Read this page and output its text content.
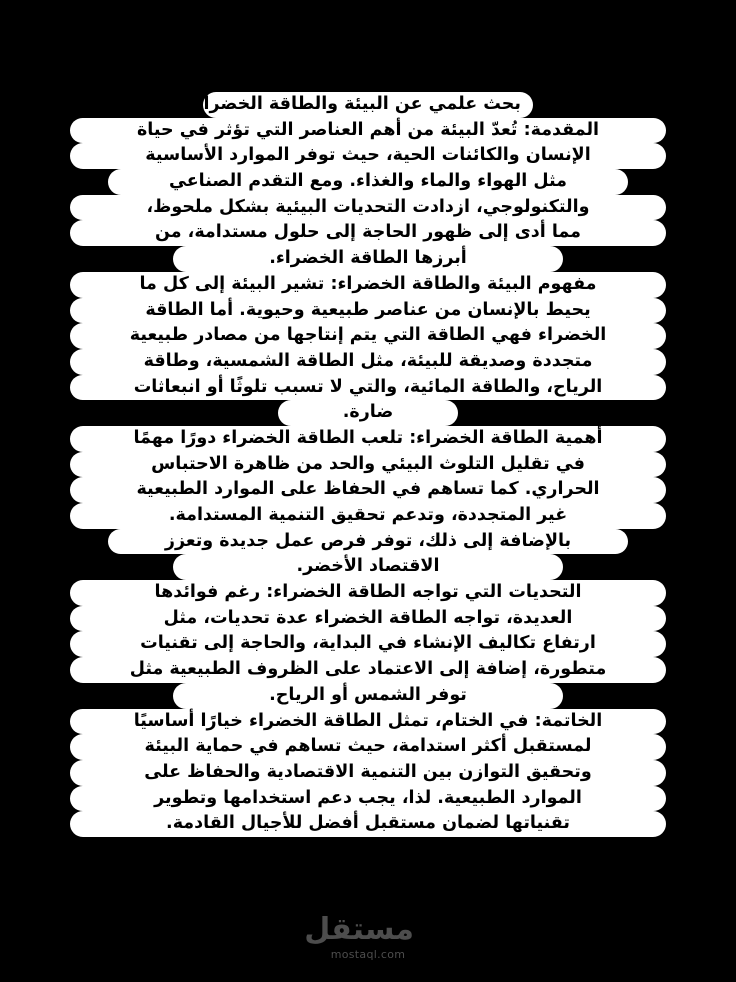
بحث علمي عن البيئة والطاقة الخضراء
المقدمة: تُعدّ البيئة من أهم العناصر التي تؤثر في حياة
الإنسان والكائنات الحية، حيث توفر الموارد الأساسية
مثل الهواء والماء والغذاء. ومع التقدم الصناعي
والتكنولوجي، ازدادت التحديات البيئية بشكل ملحوظ،
مما أدى إلى ظهور الحاجة إلى حلول مستدامة، من
أبرزها الطاقة الخضراء.
مفهوم البيئة والطاقة الخضراء: تشير البيئة إلى كل ما
يحيط بالإنسان من عناصر طبيعية وحيوية. أما الطاقة
الخضراء فهي الطاقة التي يتم إنتاجها من مصادر طبيعية
متجددة وصديقة للبيئة، مثل الطاقة الشمسية، وطاقة
الرياح، والطاقة المائية، والتي لا تسبب تلوثًا أو انبعاثات
ضارة.
أهمية الطاقة الخضراء: تلعب الطاقة الخضراء دورًا مهمًا
في تقليل التلوث البيئي والحد من ظاهرة الاحتباس
الحراري. كما تساهم في الحفاظ على الموارد الطبيعية
غير المتجددة، وتدعم تحقيق التنمية المستدامة.
بالإضافة إلى ذلك، توفر فرص عمل جديدة وتعزز
الاقتصاد الأخضر.
التحديات التي تواجه الطاقة الخضراء: رغم فوائدها
العديدة، تواجه الطاقة الخضراء عدة تحديات، مثل
ارتفاع تكاليف الإنشاء في البداية، والحاجة إلى تقنيات
متطورة، إضافة إلى الاعتماد على الظروف الطبيعية مثل
توفر الشمس أو الرياح.
الخاتمة: في الختام، تمثل الطاقة الخضراء خيارًا أساسيًا
لمستقبل أكثر استدامة، حيث تساهم في حماية البيئة
وتحقيق التوازن بين التنمية الاقتصادية والحفاظ على
الموارد الطبيعية. لذا، يجب دعم استخدامها وتطوير
تقنياتها لضمان مستقبل أفضل للأجيال القادمة.
مستقل
mostaql.com
